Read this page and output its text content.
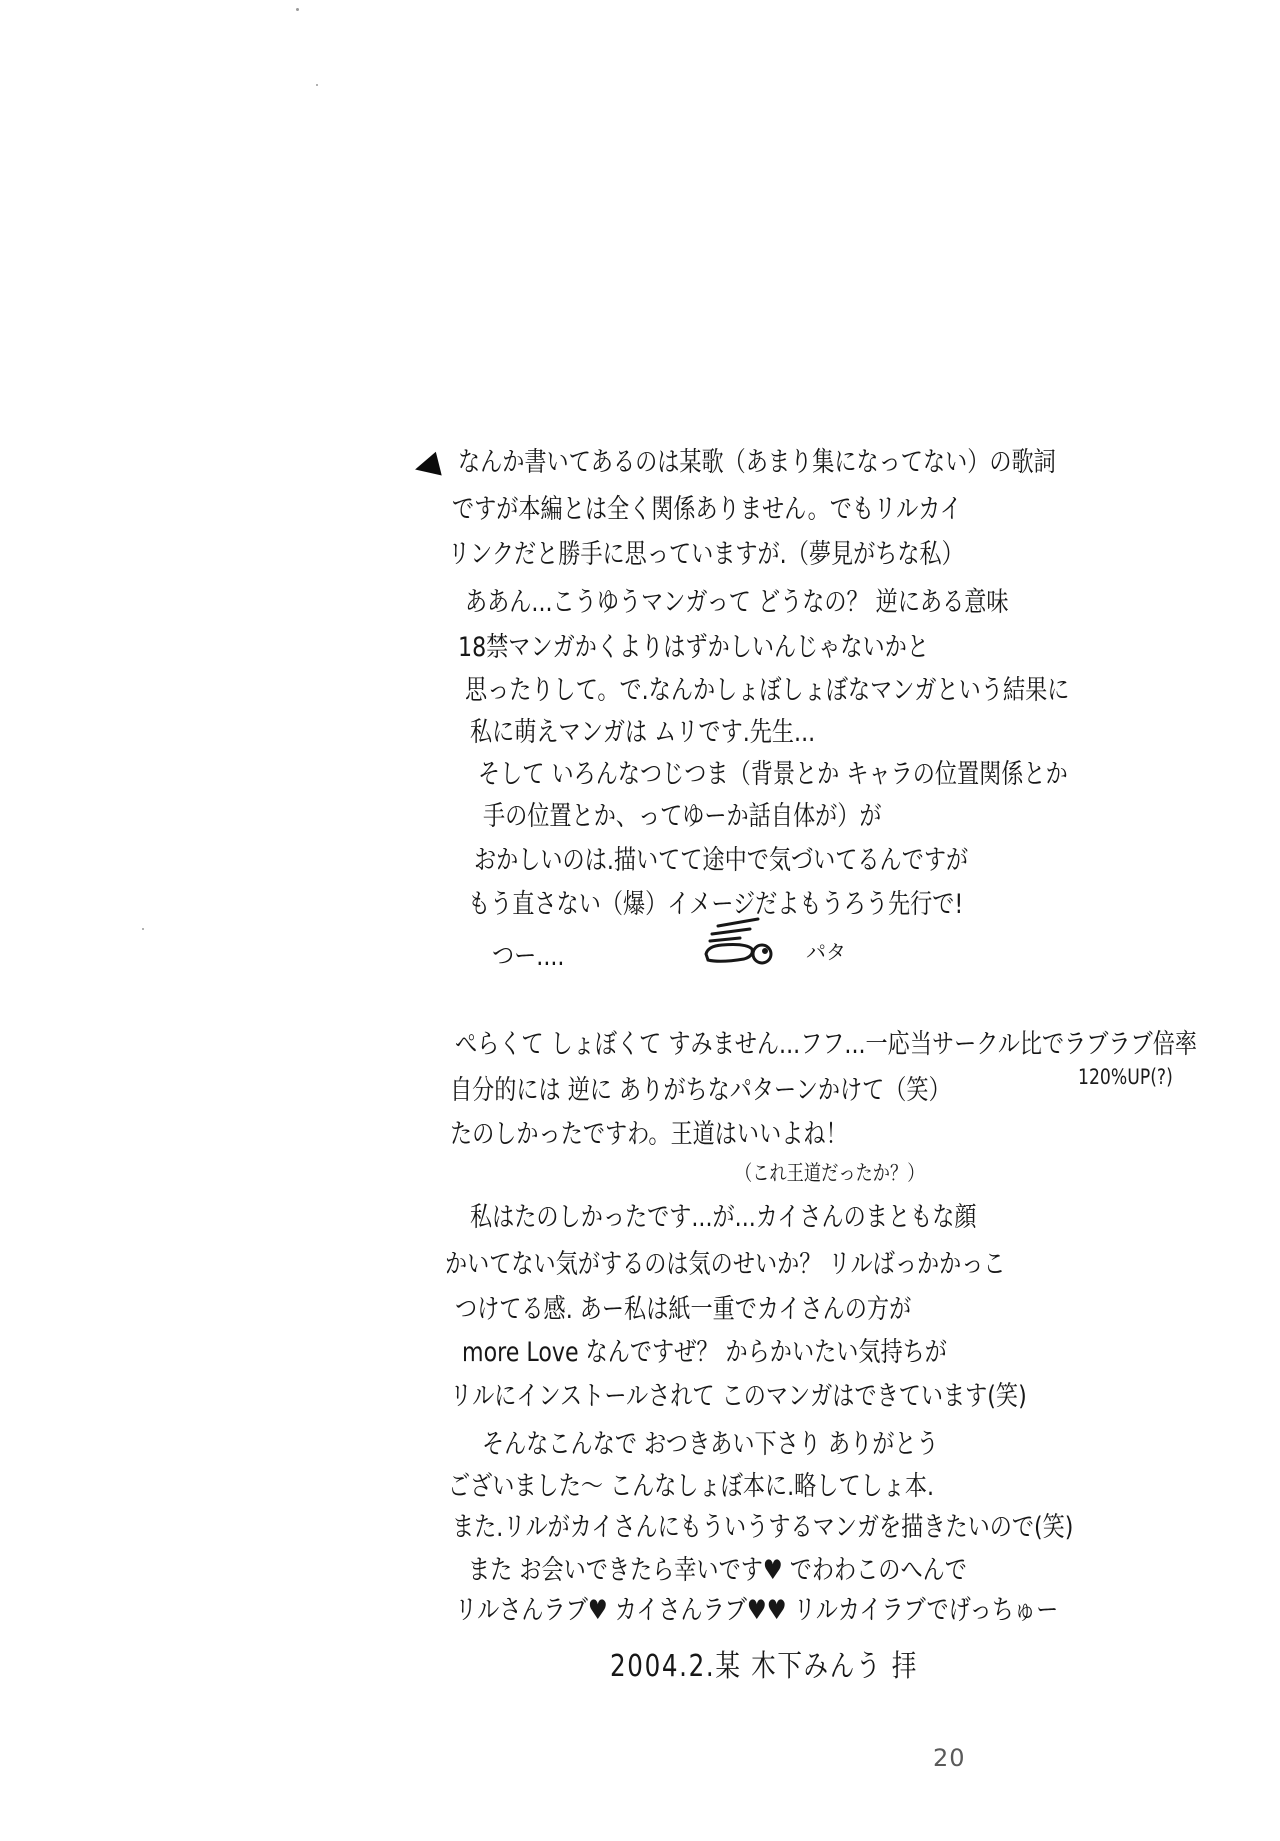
◀ なんか書いてあるのは某歌（あまり集になってない）の歌詞
ですが本編とは全く関係ありません。でもリルカイ
リンクだと勝手に思っていますが.（夢見がちな私）
ああん...こうゆうマンガって どうなの？ 逆にある意味
18禁マンガかくよりはずかしいんじゃないかと
思ったりして。で.なんかしょぼしょぼなマンガという結果に
私に萌えマンガは ムリです.先生...
そして いろんなつじつま（背景とか キャラの位置関係とか
手の位置とか、ってゆーか話自体が）が
おかしいのは.描いてて途中で気づいてるんですが
もう直さない（爆）イメージだよもうろう先行で!
つー....	パタ
ぺらくて しょぼくて すみません...フフ...一応当サークル比でラブラブ倍率
120%UP(?)
自分的には 逆に ありがちなパターンかけて（笑）
たのしかったですわ。王道はいいよね！
（これ王道だったか？）
私はたのしかったです...が...カイさんのまともな顔
かいてない気がするのは気のせいか？ リルばっかかっこ
つけてる感. あー私は紙一重でカイさんの方が
more Love なんですぜ？ からかいたい気持ちが
リルにインストールされて このマンガはできています(笑)
そんなこんなで おつきあい下さり ありがとう
ございました〜 こんなしょぼ本に.略してしょ本.
また.リルがカイさんにもういうするマンガを描きたいので(笑)
また お会いできたら幸いです♥ でわわこのへんで
リルさんラブ♥ カイさんラブ♥♥ リルカイラブでげっちゅー
2004.2.某 木下みんう 拝
20
